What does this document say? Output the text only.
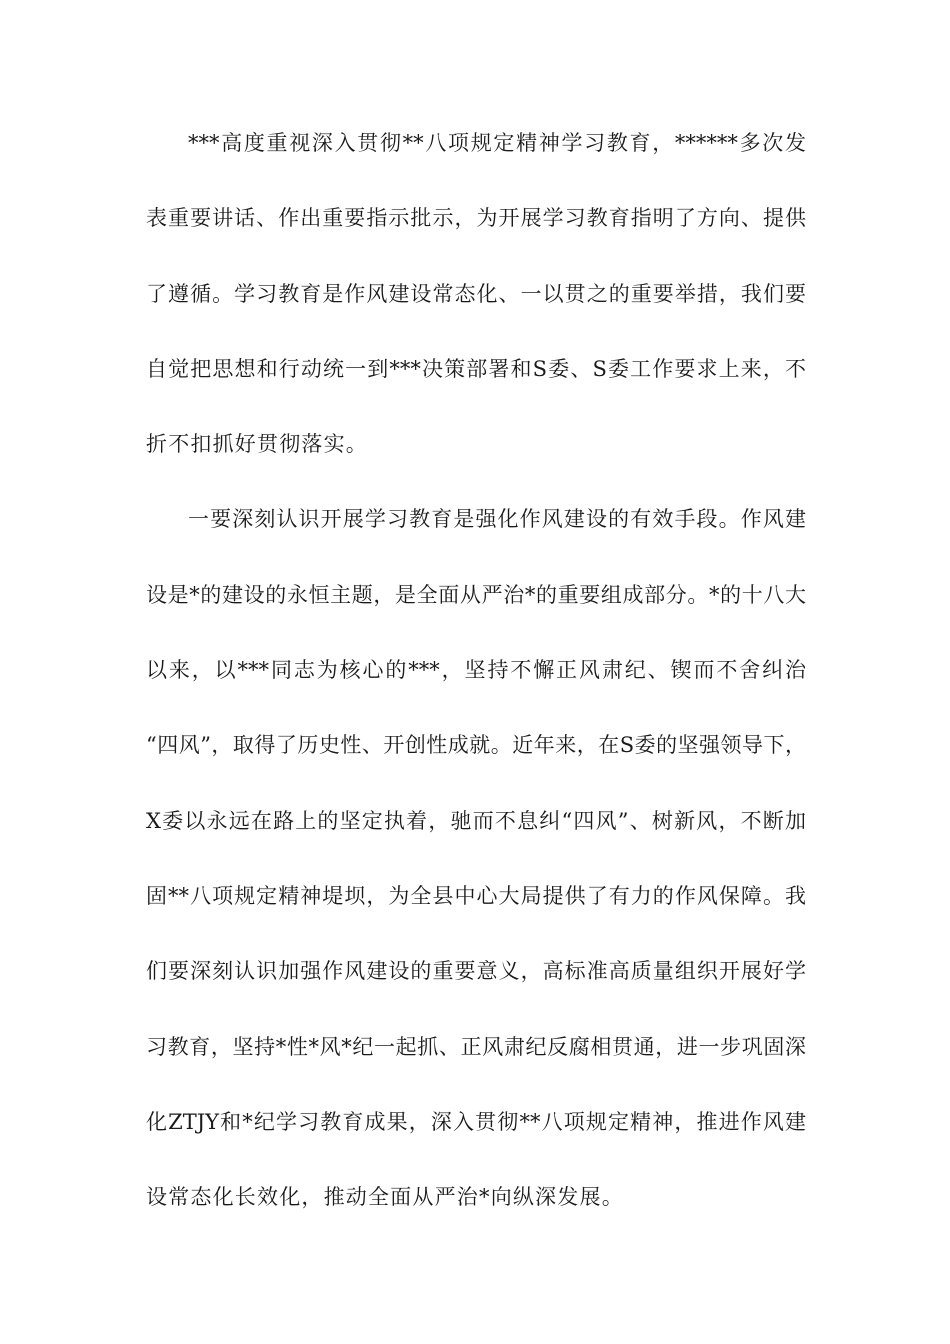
***高度重视深入贯彻**八项规定精神学习教育，******多次发
表重要讲话、作出重要指示批示，为开展学习教育指明了方向、提供
了遵循。学习教育是作风建设常态化、一以贯之的重要举措，我们要
自觉把思想和行动统一到***决策部署和S委、S委工作要求上来，不
折不扣抓好贯彻落实。
一要深刻认识开展学习教育是强化作风建设的有效手段。作风建
设是*的建设的永恒主题，是全面从严治*的重要组成部分。*的十八大
以来，以***同志为核心的***，坚持不懈正风肃纪、锲而不舍纠治
“四风”，取得了历史性、开创性成就。近年来，在S委的坚强领导下，
X委以永远在路上的坚定执着，驰而不息纠“四风”、树新风，不断加
固**八项规定精神堤坝，为全县中心大局提供了有力的作风保障。我
们要深刻认识加强作风建设的重要意义，高标准高质量组织开展好学
习教育，坚持*性*风*纪一起抓、正风肃纪反腐相贯通，进一步巩固深
化ZTJY和*纪学习教育成果，深入贯彻**八项规定精神，推进作风建
设常态化长效化，推动全面从严治*向纵深发展。
